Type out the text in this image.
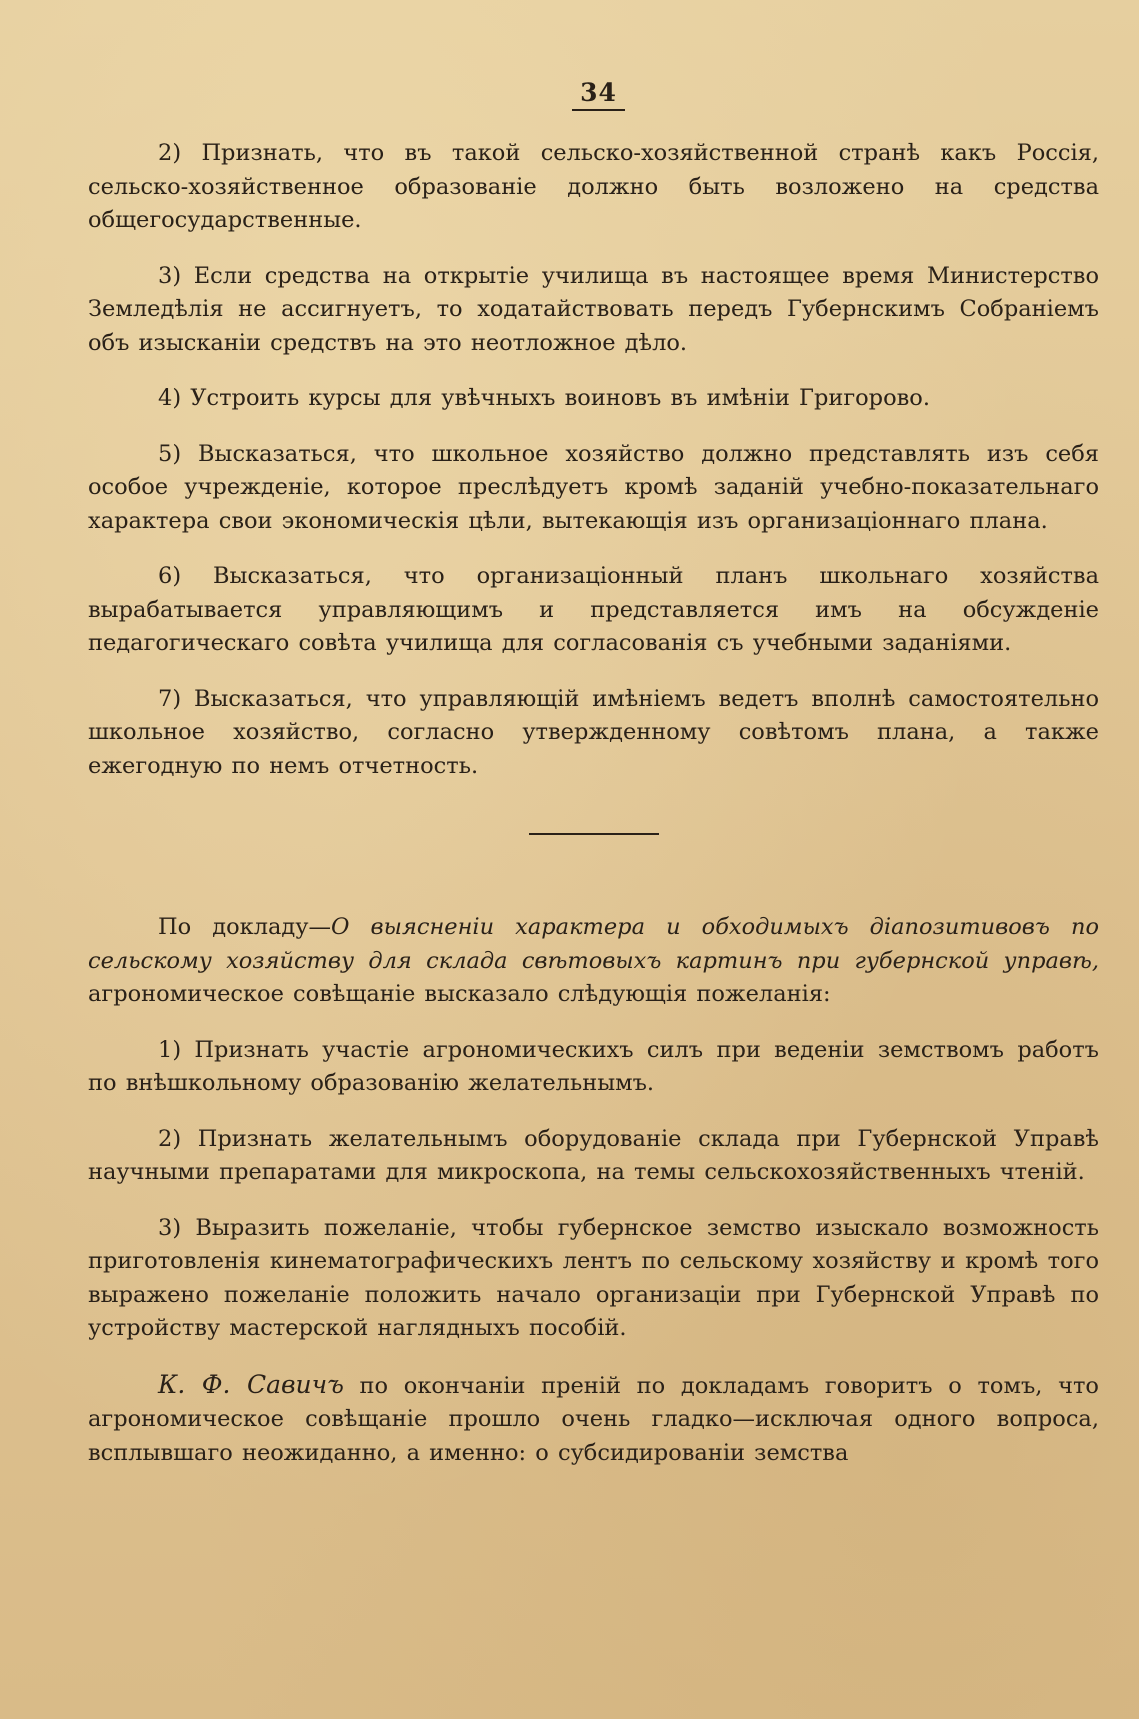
34

2) Признать, что въ такой сельско-хозяйственной странѣ какъ Россія, сельско-хозяйственное образованіе должно быть возложено на средства общегосударственные.

3) Если средства на открытіе училища въ настоящее время Министерство Земледѣлія не ассигнуетъ, то ходатайствовать передъ Губернскимъ Собраніемъ объ изысканіи средствъ на это неотложное дѣло.

4) Устроить курсы для увѣчныхъ воиновъ въ имѣніи Григорово.

5) Высказаться, что школьное хозяйство должно представлять изъ себя особое учрежденіе, которое преслѣдуетъ кромѣ заданій учебно-показательнаго характера свои экономическія цѣли, вытекающія изъ организаціоннаго плана.

6) Высказаться, что организаціонный планъ школьнаго хозяйства вырабатывается управляющимъ и представляется имъ на обсужденіе педагогическаго совѣта училища для согласованія съ учебными заданіями.

7) Высказаться, что управляющій имѣніемъ ведетъ вполнѣ самостоятельно школьное хозяйство, согласно утвержденному совѣтомъ плана, а также ежегодную по немъ отчетность.

По докладу—О выясненіи характера и обходимыхъ діапозитивовъ по сельскому хозяйству для склада свѣтовыхъ картинъ при губернской управѣ, агрономическое совѣщаніе высказало слѣдующія пожеланія:

1) Признать участіе агрономическихъ силъ при веденіи земствомъ работъ по внѣшкольному образованію желательнымъ.

2) Признать желательнымъ оборудованіе склада при Губернской Управѣ научными препаратами для микроскопа, на темы сельскохозяйственныхъ чтеній.

3) Выразить пожеланіе, чтобы губернское земство изыскало возможность приготовленія кинематографическихъ лентъ по сельскому хозяйству и кромѣ того выражено пожеланіе положить начало организаціи при Губернской Управѣ по устройству мастерской наглядныхъ пособій.

К. Ф. Савичъ по окончаніи преній по докладамъ говоритъ о томъ, что агрономическое совѣщаніе прошло очень гладко—исключая одного вопроса, всплывшаго неожиданно, а именно: о субсидированіи земства
